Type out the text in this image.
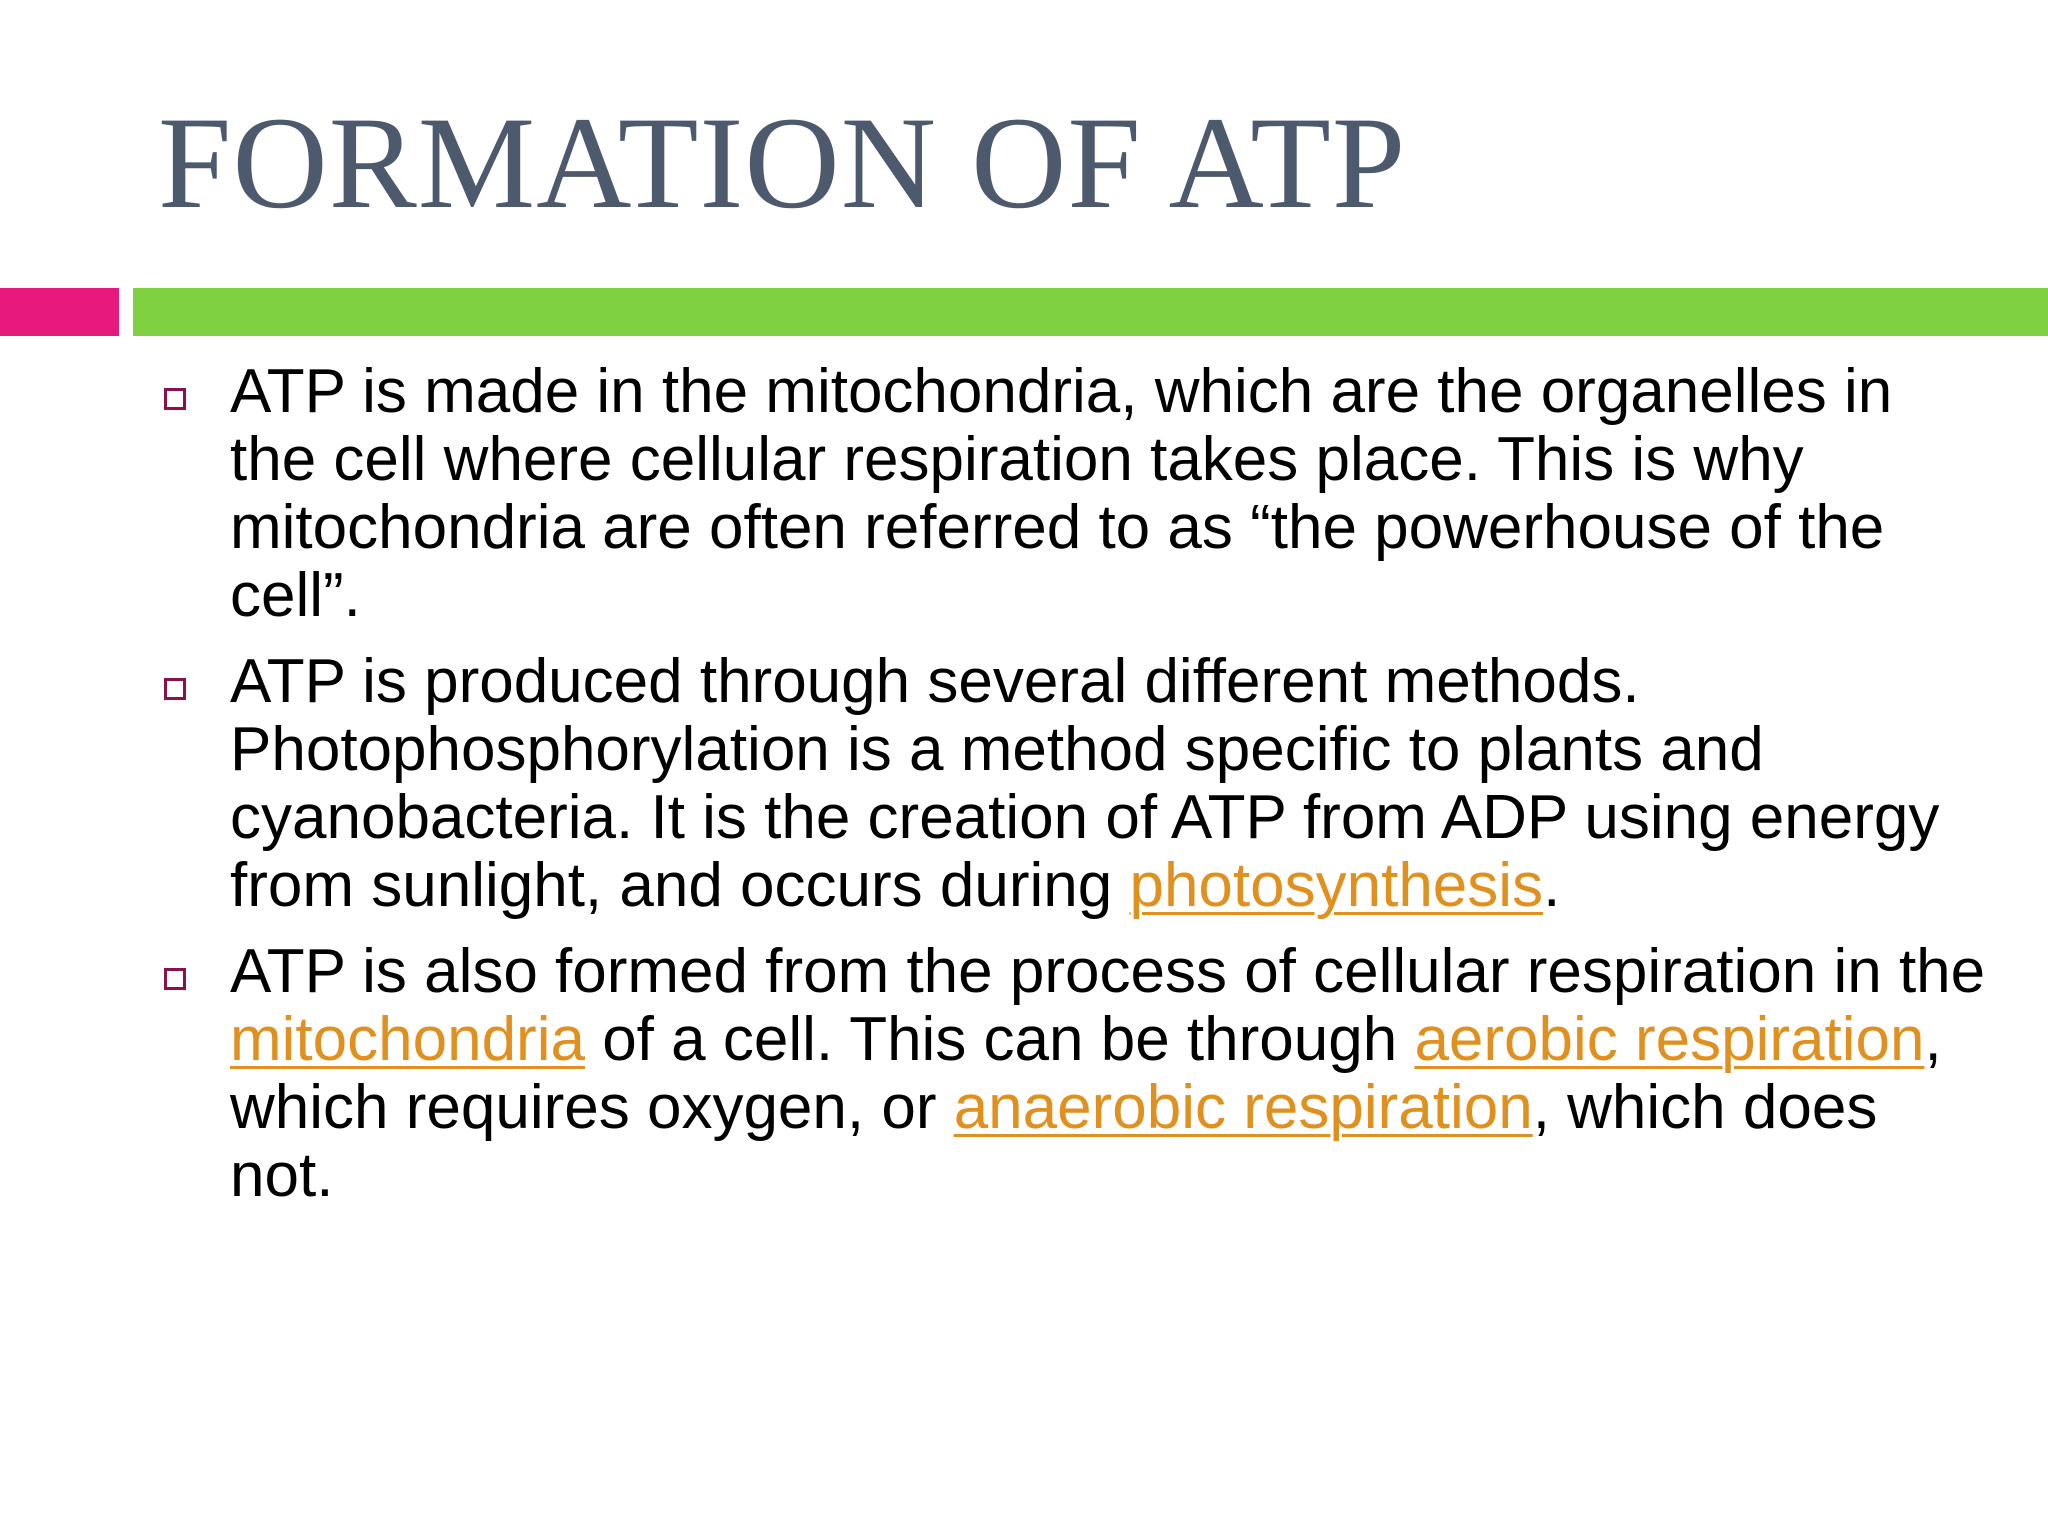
FORMATION OF ATP
ATP is made in the mitochondria, which are the organelles in the cell where cellular respiration takes place. This is why mitochondria are often referred to as “the powerhouse of the cell”.
ATP is produced through several different methods. Photophosphorylation is a method specific to plants and cyanobacteria. It is the creation of ATP from ADP using energy from sunlight, and occurs during photosynthesis.
ATP is also formed from the process of cellular respiration in the mitochondria of a cell. This can be through aerobic respiration, which requires oxygen, or anaerobic respiration, which does not.
